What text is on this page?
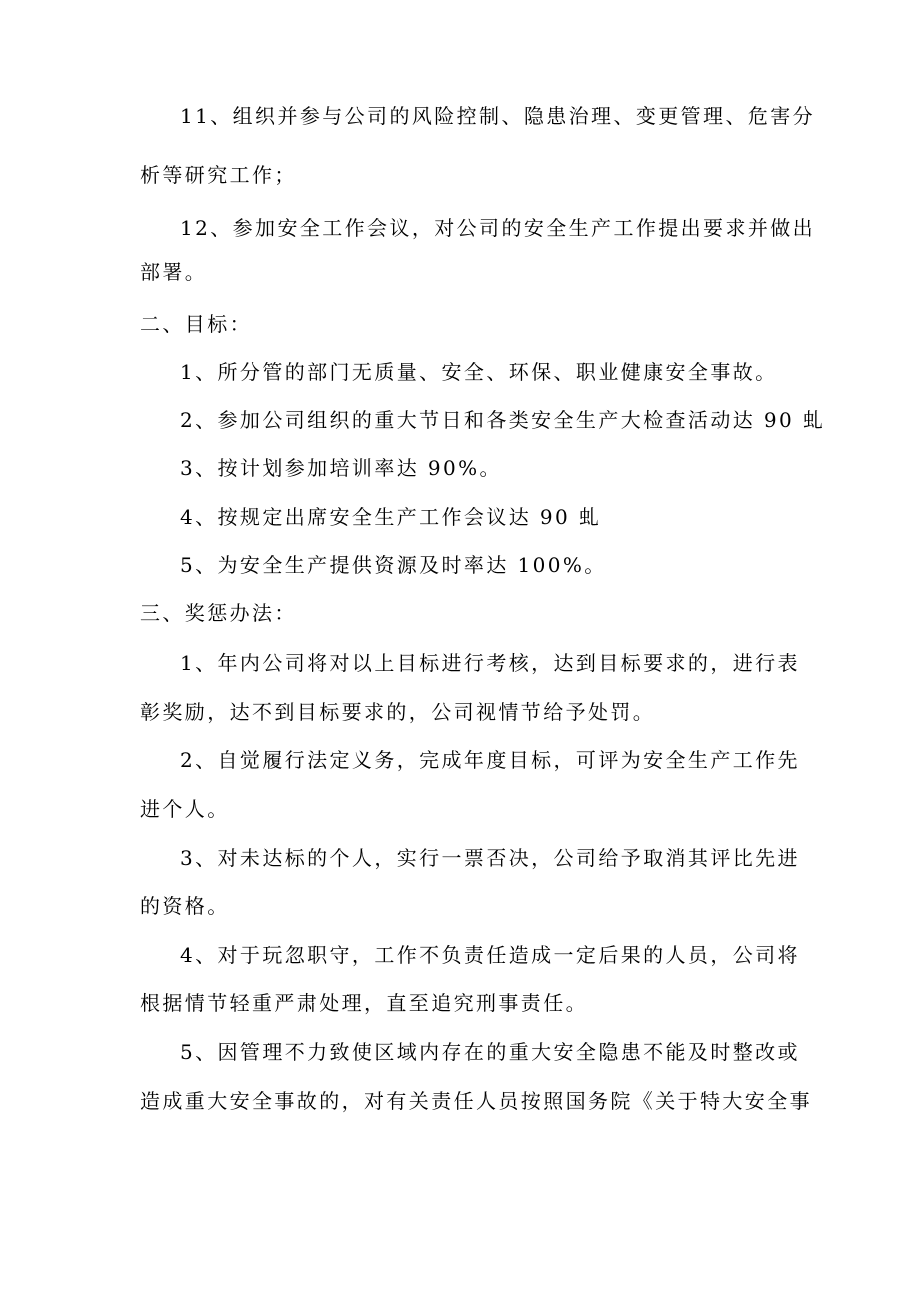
11、组织并参与公司的风险控制、隐患治理、变更管理、危害分
析等研究工作；
12、参加安全工作会议，对公司的安全生产工作提出要求并做出
部署。
二、目标：
1、所分管的部门无质量、安全、环保、职业健康安全事故。
2、参加公司组织的重大节日和各类安全生产大检查活动达 90 虬
3、按计划参加培训率达 90%。
4、按规定出席安全生产工作会议达 90 虬
5、为安全生产提供资源及时率达 100%。
三、奖惩办法：
1、年内公司将对以上目标进行考核，达到目标要求的，进行表
彰奖励，达不到目标要求的，公司视情节给予处罚。
2、自觉履行法定义务，完成年度目标，可评为安全生产工作先
进个人。
3、对未达标的个人，实行一票否决，公司给予取消其评比先进
的资格。
4、对于玩忽职守，工作不负责任造成一定后果的人员，公司将
根据情节轻重严肃处理，直至追究刑事责任。
5、因管理不力致使区域内存在的重大安全隐患不能及时整改或
造成重大安全事故的，对有关责任人员按照国务院《关于特大安全事
